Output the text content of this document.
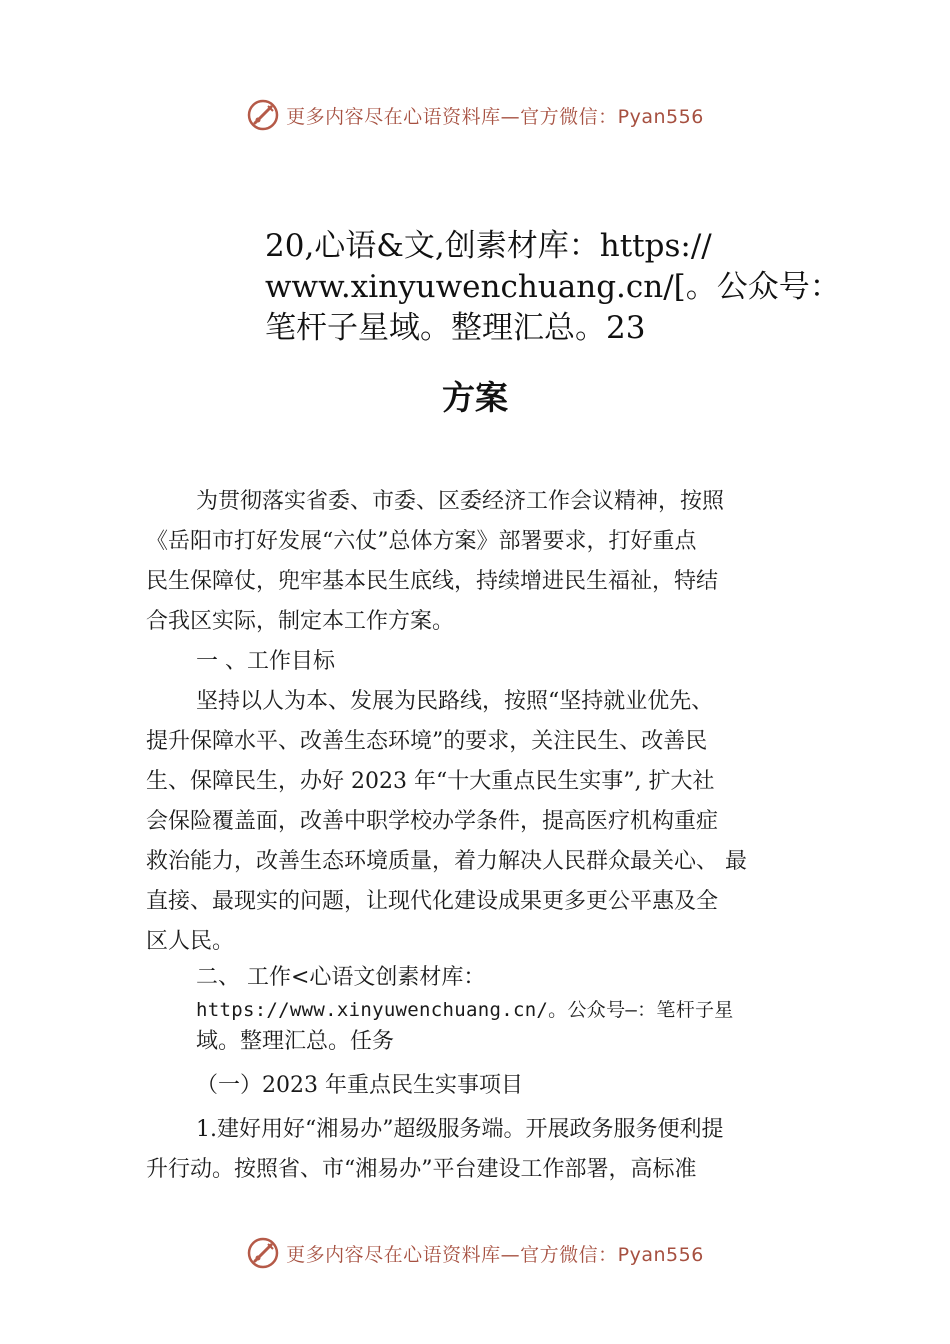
更多内容尽在心语资料库—官方微信：Pyan556
20,心语&文,创素材库：https://
www.xinyuwenchuang.cn/[。公众号：
笔杆子星域。整理汇总。23
方案
为贯彻落实省委、市委、区委经济工作会议精神，按照
《岳阳市打好发展“六仗”总体方案》部署要求，打好重点
民生保障仗，兜牢基本民生底线，持续增进民生福祉，特结
合我区实际，制定本工作方案。
一 、工作目标
坚持以人为本、发展为民路线，按照“坚持就业优先、
提升保障水平、改善生态环境”的要求，关注民生、改善民
生、保障民生，办好 2023 年“十大重点民生实事”, 扩大社
会保险覆盖面，改善中职学校办学条件，提高医疗机构重症
救治能力，改善生态环境质量，着力解决人民群众最关心、 最
直接、最现实的问题，让现代化建设成果更多更公平惠及全
区人民。
二、 工作<心语文创素材库：
https://www.xinyuwenchuang.cn/。公众号—：笔杆子星
域。整理汇总。任务
（一）2023 年重点民生实事项目
1.建好用好“湘易办”超级服务端。开展政务服务便利提
升行动。按照省、市“湘易办”平台建设工作部署，高标准
更多内容尽在心语资料库—官方微信：Pyan556
